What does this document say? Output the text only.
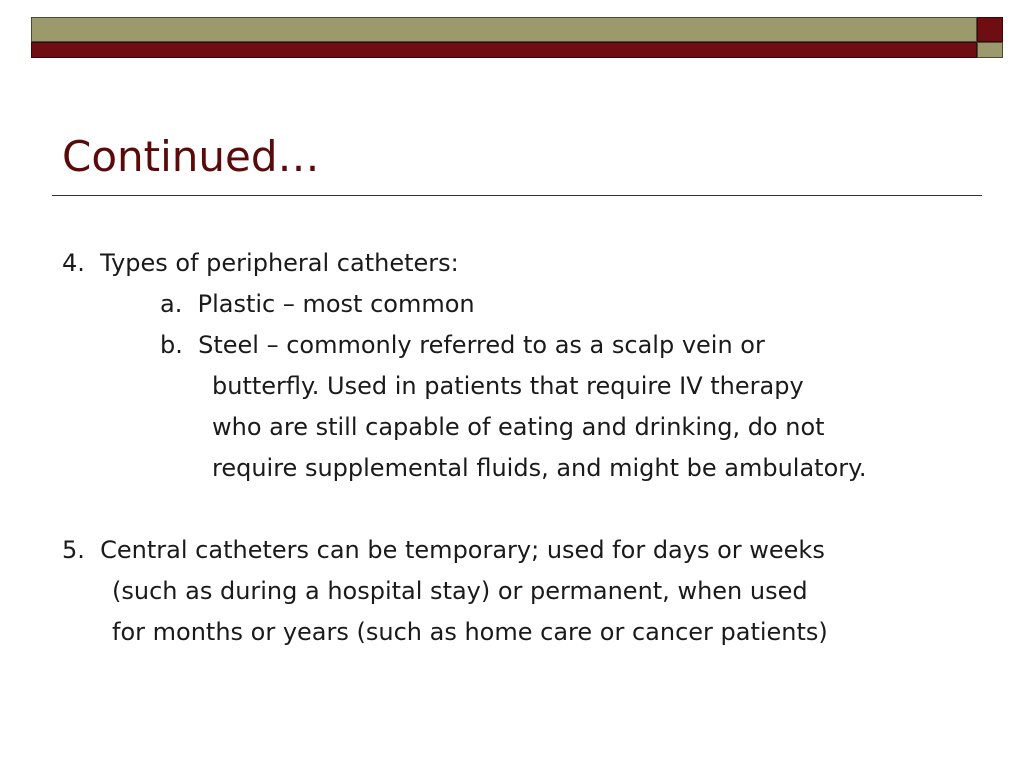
Continued…
4.  Types of peripheral catheters:
a.  Plastic – most common
b.  Steel – commonly referred to as a scalp vein or
butterfly. Used in patients that require IV therapy
who are still capable of eating and drinking, do not
require supplemental fluids, and might be ambulatory.
5.  Central catheters can be temporary; used for days or weeks
(such as during a hospital stay) or permanent, when used
for months or years (such as home care or cancer patients)
